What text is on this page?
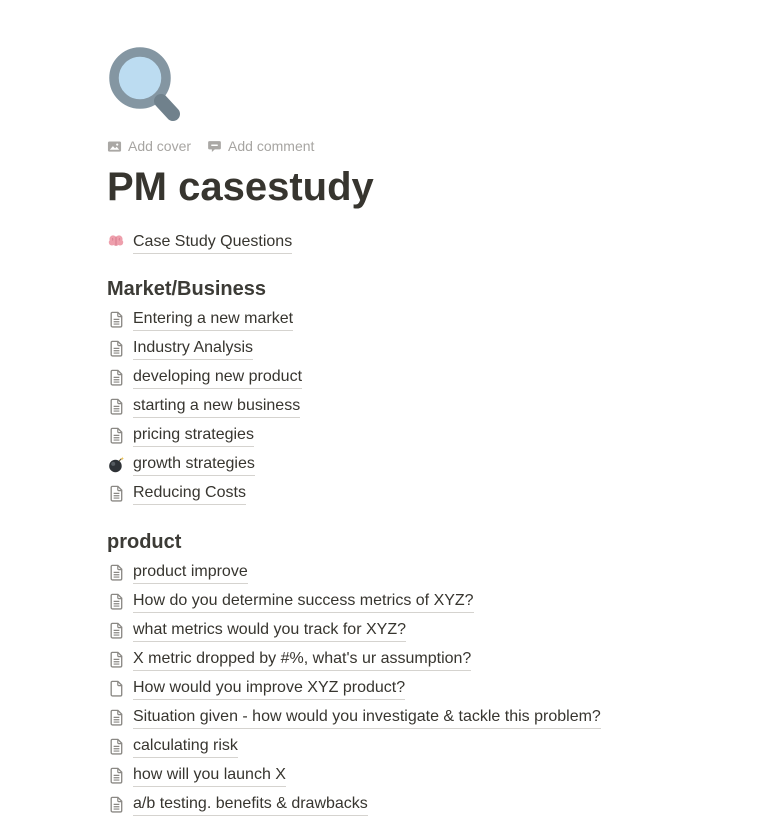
Add cover	Add comment
PM casestudy
Case Study Questions
Market/Business
Entering a new market
Industry Analysis
developing new product
starting a new business
pricing strategies
growth strategies
Reducing Costs
product
product improve
How do you determine success metrics of XYZ?
what metrics would you track for XYZ?
X metric dropped by #%, what's ur assumption?
How would you improve XYZ product?
Situation given - how would you investigate & tackle this problem?
calculating risk
how will you launch X
a/b testing. benefits & drawbacks
